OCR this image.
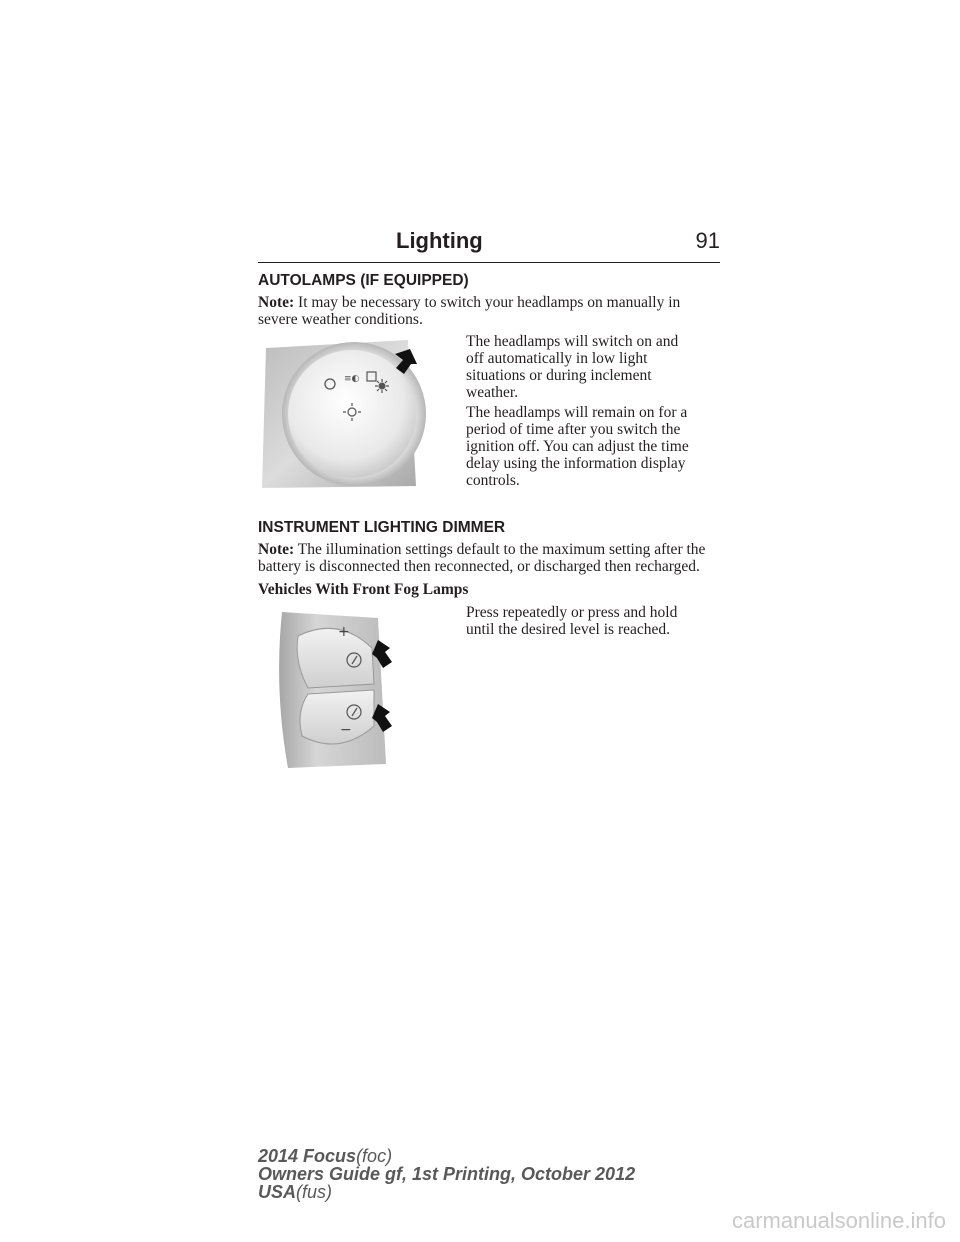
Lighting	91
AUTOLAMPS (IF EQUIPPED)

Note: It may be necessary to switch your headlamps on manually in
severe weather conditions.

The headlamps will switch on and
off automatically in low light
situations or during inclement
weather.

The headlamps will remain on for a
period of time after you switch the
ignition off. You can adjust the time
delay using the information display
controls.

≡◐
INSTRUMENT LIGHTING DIMMER

Note: The illumination settings default to the maximum setting after the
battery is disconnected then reconnected, or discharged then recharged.

Vehicles With Front Fog Lamps

Press repeatedly or press and hold
until the desired level is reached.

+
−
2014 Focus(foc)
Owners Guide gf, 1st Printing, October 2012
USA(fus)
carmanualsonline.info
